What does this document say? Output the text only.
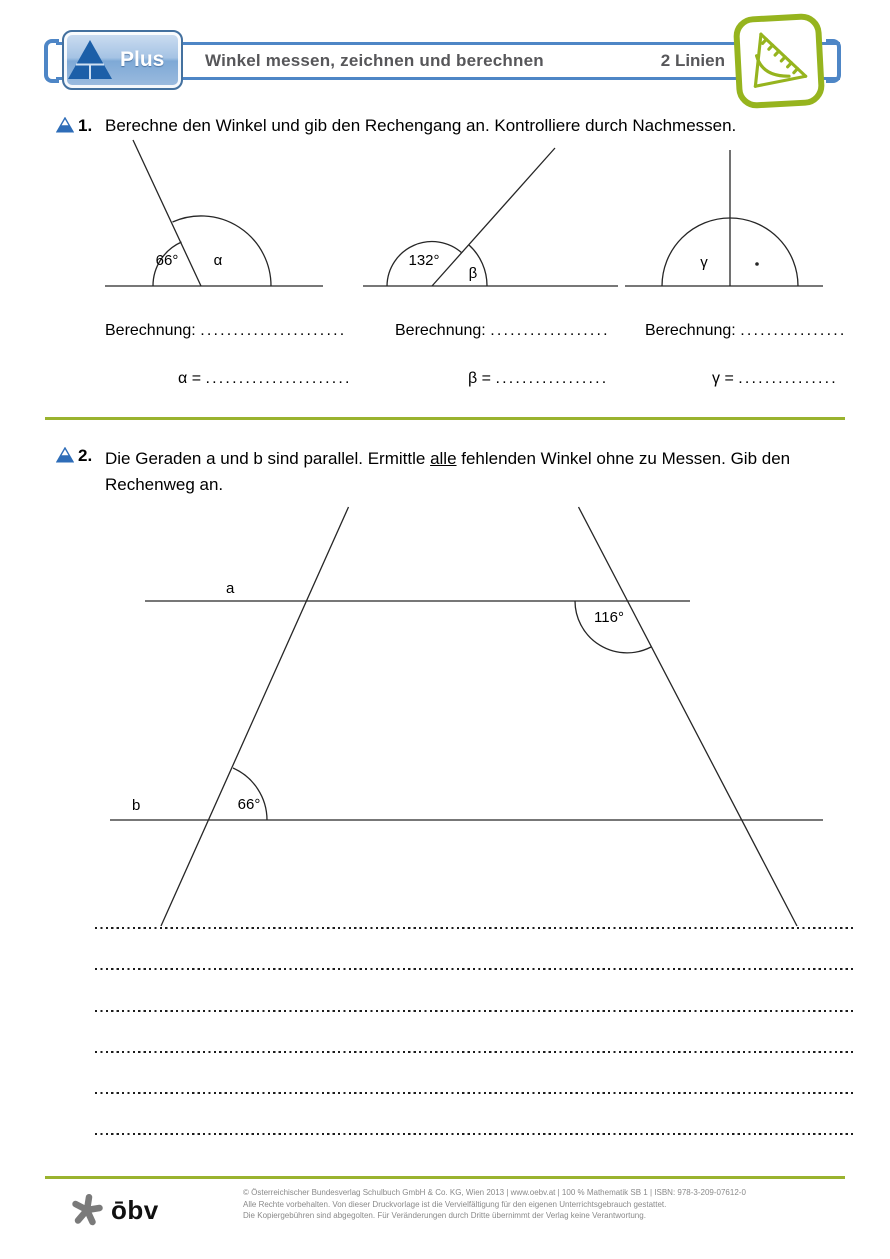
Plus Winkel messen, zeichnen und berechnen	2 Linien
1. Berechne den Winkel und gib den Rechengang an. Kontrolliere durch Nachmessen.
66° α	132°
β
γ
Berechnung: ......................	Berechnung: .................. Berechnung: ................
α = ......................	β = .................	γ = ...............
2. Die Geraden a und b sind parallel. Ermittle alle fehlenden Winkel ohne zu Messen. Gib den
Rechenweg an.
a
b
116°
66°
ōbv
© Österreichischer Bundesverlag Schulbuch GmbH & Co. KG, Wien 2013 | www.oebv.at | 100 % Mathematik SB 1 | ISBN: 978-3-209-07612-0
Alle Rechte vorbehalten. Von dieser Druckvorlage ist die Vervielfältigung für den eigenen Unterrichtsgebrauch gestattet.
Die Kopiergebühren sind abgegolten. Für Veränderungen durch Dritte übernimmt der Verlag keine Verantwortung.
